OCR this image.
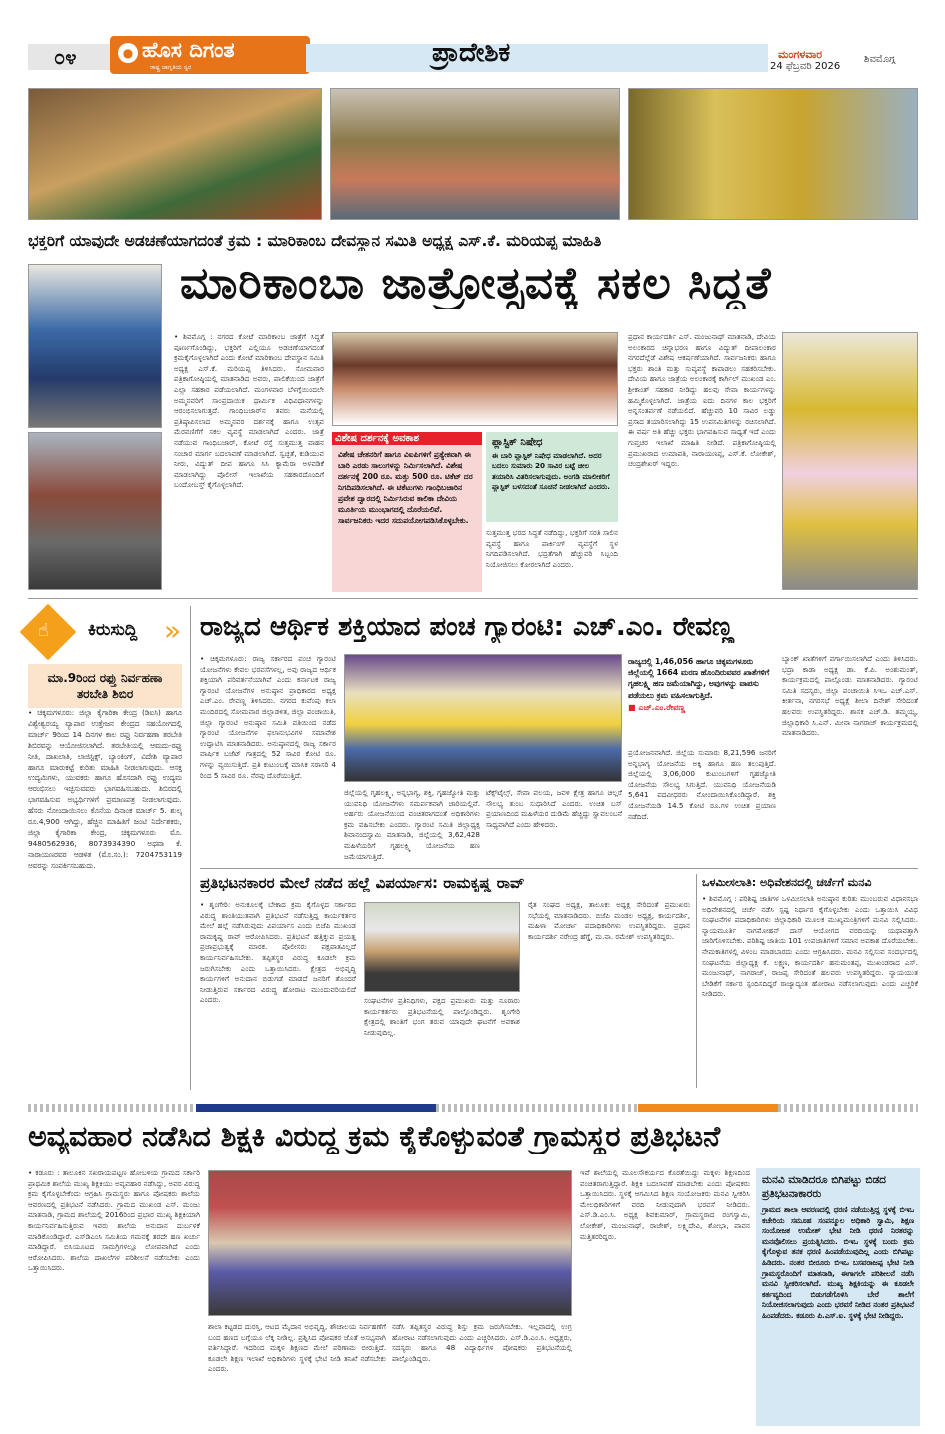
೦೪	● ಹೊಸ ದಿಗಂತ
ರಾಷ್ಟ್ರ ಜಾಗೃತಿಯ ಸ್ವರ	ಪ್ರಾದೇಶಿಕ	ಮಂಗಳವಾರ
24 ಫೆಬ್ರವರಿ 2026
ಶಿವಮೊಗ್ಗ
ಭಕ್ತರಿಗೆ ಯಾವುದೇ ಅಡಚಣೆಯಾಗದಂತೆ ಕ್ರಮ : ಮಾರಿಕಾಂಬ ದೇವಸ್ಥಾನ ಸಮಿತಿ ಅಧ್ಯಕ್ಷ ಎಸ್.ಕೆ. ಮರಿಯಪ್ಪ ಮಾಹಿತಿ
ಮಾರಿಕಾಂಬಾ ಜಾತ್ರೋತ್ಸವಕ್ಕೆ ಸಕಲ ಸಿದ್ಧತೆ
• ಶಿವಮೊಗ್ಗ : ನಗರದ ಕೋಟೆ ಮಾರಿಕಾಂಬ ಜಾತ್ರೆಗೆ ಸಿದ್ಧತೆ ಪೂರ್ಣಗೊಂಡಿದ್ದು, ಭಕ್ತರಿಗೆ ಎಲ್ಲಿಯೂ ಅಡಚಣೆಯಾಗದಂತೆ ಕ್ರಮಕೈಗೊಳ್ಳಲಾಗಿದೆ ಎಂದು ಕೋಟೆ ಮಾರಿಕಾಂಬ ದೇವಸ್ಥಾನ ಸಮಿತಿ ಅಧ್ಯಕ್ಷ ಎಸ್.ಕೆ. ಮರಿಯಪ್ಪ ತಿಳಿಸಿದರು. ಸೋಮವಾರ ಪತ್ರಿಕಾಗೋಷ್ಠಿಯಲ್ಲಿ ಮಾತನಾಡಿದ ಅವರು, ಪಾಲಿಕೆಯಿಂದ ಜಾತ್ರೆಗೆ ಎಲ್ಲಾ ಸಹಕಾರ ಪಡೆಯಲಾಗಿದೆ. ಮಂಗಳವಾರ ಬೆಳಗ್ಗೆಯಿಂದಲೇ ಅಮ್ಮನವರಿಗೆ ಸಾಂಪ್ರದಾಯಿಕ ಧಾರ್ಮಿಕ ವಿಧಿವಿಧಾನಗಳನ್ನು ಆರಂಭಿಸಲಾಗುತ್ತದೆ. ಗಾಂಧಿಬಜಾರ್‌ನ ತವರು ಮನೆಯಲ್ಲಿ ಪ್ರತಿಷ್ಠಾಪಿಸಲಾದ ಅಮ್ಮನವರ ದರ್ಶನಕ್ಕೆ ಹಾಗೂ ಉತ್ಸವ ಮೆರವಣಿಗೆಗೆ ಸಕಲ ವ್ಯವಸ್ಥೆ ಮಾಡಲಾಗಿದೆ ಎಂದರು. ಜಾತ್ರೆ ನಡೆಯುವ ಗಾಂಧಿಬಜಾರ್, ಕೋಟೆ ರಸ್ತೆ ಸುತ್ತಮುತ್ತ ವಾಹನ ಸಂಚಾರ ಮಾರ್ಗ ಬದಲಾವಣೆ ಮಾಡಲಾಗಿದೆ. ಸ್ವಚ್ಛತೆ, ಕುಡಿಯುವ ನೀರು, ವಿದ್ಯುತ್ ದೀಪ ಹಾಗೂ ಸಿಸಿ ಕ್ಯಾಮೆರಾ ಅಳವಡಿಕೆ ಮಾಡಲಾಗಿದ್ದು ಪೊಲೀಸ್ ಇಲಾಖೆಯ ಸಹಕಾರದೊಂದಿಗೆ ಬಂದೋಬಸ್ತ್ ಕೈಗೊಳ್ಳಲಾಗಿದೆ.
ವಿಶೇಷ ದರ್ಶನಕ್ಕೆ ಅವಕಾಶ
ವಿಶೇಷ ಚೇತನರಿಗೆ ಹಾಗೂ ವಿಐಪಿಗಳಿಗೆ ಪ್ರತ್ಯೇಕವಾಗಿ ಈ ಬಾರಿ ಎರಡು ಸಾಲುಗಳನ್ನು ನಿರ್ಮಿಸಲಾಗಿದೆ. ವಿಶೇಷ ದರ್ಶನಕ್ಕೆ 200 ರೂ. ಮತ್ತು 500 ರೂ. ಟಿಕೆಟ್ ದರ ನಿಗದಿಪಡಿಸಲಾಗಿದೆ. ಈ ಟಿಕೆಟುಗಳು ಗಾಂಧಿಬಜಾರಿನ ಪ್ರವೇಶ ದ್ವಾರದಲ್ಲಿ ನಿರ್ಮಿಸಿರುವ ಕಾಲಿಕಾ ದೇವಿಯ ಮೂರ್ತಿಯ ಮುಂಭಾಗದಲ್ಲಿ ದೊರೆಯಲಿವೆ. ಸಾರ್ವಜನಿಕರು ಇದರ ಸದುಪಯೋಗಪಡಿಸಿಕೊಳ್ಳಬೇಕು.
ಪ್ಲಾಸ್ಟಿಕ್ ನಿಷೇಧ
ಈ ಬಾರಿ ಪ್ಲಾಸ್ಟಿಕ್ ನಿಷೇಧ ಮಾಡಲಾಗಿದೆ. ಅದರ ಬದಲು ಸುಮಾರು 20 ಸಾವಿರ ಬಟ್ಟೆ ಚೀಲ ತಯಾರಿಸಿ ವಿತರಿಸಲಾಗುವುದು. ಅಂಗಡಿ ಮಾಲೀಕರಿಗೆ ಪ್ಲಾಸ್ಟಿಕ್ ಬಳಸದಂತೆ ಸೂಚನೆ ನೀಡಲಾಗಿದೆ ಎಂದರು.
ಸುತ್ತಮುತ್ತ ಭರದ ಸಿದ್ಧತೆ ನಡೆದಿದ್ದು, ಭಕ್ತರಿಗೆ ಸರತಿ ಸಾಲಿನ ವ್ಯವಸ್ಥೆ ಹಾಗೂ ಪಾರ್ಕಿಂಗ್ ವ್ಯವಸ್ಥೆಗೆ ಸ್ಥಳ ನಿಗದಿಪಡಿಸಲಾಗಿದೆ. ಭದ್ರತೆಗಾಗಿ ಹೆಚ್ಚುವರಿ ಸಿಬ್ಬಂದಿ ನಿಯೋಜಿಸಲು ಕೋರಲಾಗಿದೆ ಎಂದರು.
ಪ್ರಧಾನ ಕಾರ್ಯದರ್ಶಿ ಎಸ್. ಮಂಜುನಾಥ್ ಮಾತನಾಡಿ, ದೇವಿಯ ಅಲಂಕಾರದ ಚಿನ್ನಾಭರಣ ಹಾಗೂ ವಿದ್ಯುತ್ ದೀಪಾಲಂಕಾರ ನಗರದೆಲ್ಲೆಡೆ ವಿಶೇಷ ಆಕರ್ಷಣೆಯಾಗಿದೆ. ಸಾರ್ವಜನಿಕರು ಹಾಗೂ ಭಕ್ತರು ಶಾಂತಿ ಮತ್ತು ಸುವ್ಯವಸ್ಥೆ ಕಾಪಾಡಲು ಸಹಕರಿಸಬೇಕು. ದೇವಿಯ ಹಾಗೂ ಜಾತ್ರೆಯ ಅಲಂಕಾರಕ್ಕೆ ಕಾರ್ಗಿಲ್ ಮುಖಂಡ ಎಂ. ಶ್ರೀಕಾಂತ್ ಸಹಕಾರ ನೀಡಿದ್ದು ಹಲವು ಸೇವಾ ಕಾರ್ಯಗಳನ್ನು ಹಮ್ಮಿಕೊಳ್ಳಲಾಗಿದೆ. ಜಾತ್ರೆಯ ಐದು ದಿನಗಳ ಕಾಲ ಭಕ್ತರಿಗೆ ಅನ್ನಸಂತರ್ಪಣೆ ನಡೆಯಲಿದೆ. ಹೆಚ್ಚುವರಿ 10 ಸಾವಿರ ಲಡ್ಡು ಪ್ರಸಾದ ತಯಾರಿಸಲಾಗಿದ್ದು 15 ಉಪಸಮಿತಿಗಳನ್ನು ರಚಿಸಲಾಗಿದೆ. ಈ ವರ್ಷ ಅತಿ ಹೆಚ್ಚು ಭಕ್ತರು ಭಾಗವಹಿಸುವ ಸಾಧ್ಯತೆ ಇದೆ ಎಂದು ಗುಪ್ತಚರ ಇಲಾಖೆ ಮಾಹಿತಿ ನೀಡಿದೆ. ಪತ್ರಿಕಾಗೋಷ್ಠಿಯಲ್ಲಿ ಪ್ರಮುಖರಾದ ಉಮಾಪತಿ, ನಾರಾಯಣಪ್ಪ, ಎಸ್.ಕೆ. ಲೋಕೇಶ್, ಚಂದ್ರಶೇಖರ್ ಇದ್ದರು.
☝ ಕಿರುಸುದ್ದಿ »
ಮಾ.9ರಿಂದ ರಫ್ತು ನಿರ್ವಹಣಾ ತರಬೇತಿ ಶಿಬಿರ
• ಚಿಕ್ಕಮಗಳೂರು: ಜಿಲ್ಲಾ ಕೈಗಾರಿಕಾ ಕೇಂದ್ರ (ಡಿಐಸಿ) ಹಾಗೂ ವಿಶ್ವೇಶ್ವರಯ್ಯ ವ್ಯಾಪಾರ ಉತ್ತೇಜನ ಕೇಂದ್ರದ ಸಹಯೋಗದಲ್ಲಿ ಮಾರ್ಚ್ 9ರಿಂದ 14 ದಿನಗಳ ಕಾಲ ರಫ್ತು ನಿರ್ವಹಣಾ ತರಬೇತಿ ಶಿಬಿರವನ್ನು ಆಯೋಜಿಸಲಾಗಿದೆ. ತರಬೇತಿಯಲ್ಲಿ ಆಮದು-ರಫ್ತು ನೀತಿ, ದಾಖಲಾತಿ, ಲಾಜಿಸ್ಟಿಕ್ಸ್, ಬ್ಯಾಂಕಿಂಗ್, ವಿದೇಶಿ ವ್ಯಾಪಾರ ಹಾಗೂ ಮಾರುಕಟ್ಟೆ ಕುರಿತು ಮಾಹಿತಿ ನೀಡಲಾಗುವುದು. ಆಸಕ್ತ ಉದ್ಯಮಿಗಳು, ಯುವಕರು ಹಾಗೂ ಹೊಸದಾಗಿ ರಫ್ತು ಉದ್ಯಮ ಆರಂಭಿಸಲು ಇಚ್ಛಿಸುವವರು ಭಾಗವಹಿಸಬಹುದು. ಶಿಬಿರದಲ್ಲಿ ಭಾಗವಹಿಸುವ ಅಭ್ಯರ್ಥಿಗಳಿಗೆ ಪ್ರಮಾಣಪತ್ರ ನೀಡಲಾಗುವುದು. ಹೆಸರು ನೋಂದಾಯಿಸಲು ಕೊನೆಯ ದಿನಾಂಕ ಮಾರ್ಚ್ 5. ಶುಲ್ಕ ರೂ.4,900 ಆಗಿದ್ದು, ಹೆಚ್ಚಿನ ಮಾಹಿತಿಗೆ ಜಂಟಿ ನಿರ್ದೇಶಕರು, ಜಿಲ್ಲಾ ಕೈಗಾರಿಕಾ ಕೇಂದ್ರ, ಚಿಕ್ಕಮಗಳೂರು ಮೊ. 9480562936, 8073934390 ಅಥವಾ ಕೆ. ನಾರಾಯಣರವರ ಆಡಳಿತ (ಮೊ.ಸಂ.): 7204753119 ಅವರನ್ನು ಸಂಪರ್ಕಿಸಬಹುದು.
ರಾಜ್ಯದ ಆರ್ಥಿಕ ಶಕ್ತಿಯಾದ ಪಂಚ ಗ್ಯಾರಂಟಿ: ಎಚ್.ಎಂ. ರೇವಣ್ಣ
• ಚಿಕ್ಕಮಗಳೂರು: ರಾಜ್ಯ ಸರ್ಕಾರದ ಪಂಚ ಗ್ಯಾರಂಟಿ ಯೋಜನೆಗಳು ಕೇವಲ ಭರವಸೆಗಳಲ್ಲ, ಅವು ರಾಜ್ಯದ ಆರ್ಥಿಕ ಶಕ್ತಿಯಾಗಿ ಪರಿವರ್ತನೆಯಾಗಿವೆ ಎಂದು ಕರ್ನಾಟಕ ರಾಜ್ಯ ಗ್ಯಾರಂಟಿ ಯೋಜನೆಗಳ ಅನುಷ್ಠಾನ ಪ್ರಾಧಿಕಾರದ ಅಧ್ಯಕ್ಷ ಎಚ್.ಎಂ. ರೇವಣ್ಣ ತಿಳಿಸಿದರು. ನಗರದ ಕುವೆಂಪು ಕಲಾ ಮಂದಿರದಲ್ಲಿ ಸೋಮವಾರ ಜಿಲ್ಲಾಡಳಿತ, ಜಿಲ್ಲಾ ಪಂಚಾಯಿತಿ, ಜಿಲ್ಲಾ ಗ್ಯಾರಂಟಿ ಅನುಷ್ಠಾನ ಸಮಿತಿ ವತಿಯಿಂದ ನಡೆದ ಗ್ಯಾರಂಟಿ ಯೋಜನೆಗಳ ಫಲಾನುಭವಿಗಳ ಸಮಾವೇಶ ಉದ್ಘಾಟಿಸಿ ಮಾತನಾಡಿದರು. ಅನುಷ್ಠಾನದಲ್ಲಿ ರಾಜ್ಯ ಸರ್ಕಾರ ವಾರ್ಷಿಕ ಬಜೆಟ್ ಗಾತ್ರದಲ್ಲಿ 52 ಸಾವಿರ ಕೋಟಿ ರೂ. ಗಳನ್ನು ವ್ಯಯಿಸುತ್ತಿದೆ. ಪ್ರತಿ ಕುಟುಂಬಕ್ಕೆ ಮಾಸಿಕ ಸರಾಸರಿ 4 ರಿಂದ 5 ಸಾವಿರ ರೂ. ನೆರವು ದೊರೆಯುತ್ತಿದೆ.
ಜಿಲ್ಲೆಯಲ್ಲಿ ಗೃಹಲಕ್ಷ್ಮಿ, ಅನ್ನಭಾಗ್ಯ, ಶಕ್ತಿ, ಗೃಹಜ್ಯೋತಿ ಮತ್ತು ಯುವನಿಧಿ ಯೋಜನೆಗಳು ಸಮರ್ಪಕವಾಗಿ ಜಾರಿಯಲ್ಲಿವೆ. ಅರ್ಹರು ಯೋಜನೆಯಿಂದ ವಂಚಿತರಾಗದಂತೆ ಅಧಿಕಾರಿಗಳು ಕ್ರಮ ವಹಿಸಬೇಕು ಎಂದರು. ಗ್ಯಾರಂಟಿ ಸಮಿತಿ ಜಿಲ್ಲಾಧ್ಯಕ್ಷ ಶಿವಾನಂದಸ್ವಾಮಿ ಮಾತನಾಡಿ, ಜಿಲ್ಲೆಯಲ್ಲಿ 3,62,428 ಮಹಿಳೆಯರಿಗೆ ಗೃಹಲಕ್ಷ್ಮಿ ಯೋಜನೆಯ ಹಣ ಜಮೆಯಾಗುತ್ತಿದೆ.
ಟೆಕ್ಸ್‌ಟೈಲ್ಸ್, ಸೇವಾ ವಲಯ, ಜವಳಿ ಕ್ಷೇತ್ರ ಹಾಗೂ ಚಿಲ್ಲರೆ ಸೌಲಭ್ಯ ತುಂಬ ಸುಧಾರಿಸಿದೆ ಎಂದರು. ಉಚಿತ ಬಸ್ ಪ್ರಯಾಣದಿಂದ ಮಹಿಳೆಯರ ದುಡಿಮೆ ಹೆಚ್ಚಿದ್ದು ಸ್ವಾವಲಂಬನೆ ಸಾಧ್ಯವಾಗಿದೆ ಎಂದು ಹೇಳಿದರು.
ರಾಜ್ಯದಲ್ಲಿ 1,46,056 ಹಾಗೂ ಚಿಕ್ಕಮಗಳೂರು ಜಿಲ್ಲೆಯಲ್ಲಿ 1664 ಮರಣ ಹೊಂದಿರುವವರ ಖಾತೆಗಳಿಗೆ ಗೃಹಲಕ್ಷ್ಮಿ ಹಣ ಜಮೆಯಾಗಿದ್ದು, ಅವುಗಳನ್ನು ವಾಪಸು ಪಡೆಯಲು ಕ್ರಮ ವಹಿಸಲಾಗುತ್ತಿದೆ.
■ ಎಚ್.ಎಂ.ರೇವಣ್ಣ
ಪ್ರಯೋಜನವಾಗಿದೆ. ಜಿಲ್ಲೆಯ ಸುಮಾರು 8,21,596 ಜನರಿಗೆ ಅನ್ನಭಾಗ್ಯ ಯೋಜನೆಯ ಅಕ್ಕಿ ಹಾಗೂ ಹಣ ತಲುಪುತ್ತಿದೆ. ಜಿಲ್ಲೆಯಲ್ಲಿ 3,06,000 ಕುಟುಂಬಗಳಿಗೆ ಗೃಹಜ್ಯೋತಿ ಯೋಜನೆಯ ಸೌಲಭ್ಯ ಸಿಗುತ್ತಿದೆ. ಯುವನಿಧಿ ಯೋಜನೆಯಡಿ 5,641 ಪದವೀಧರರು ನೋಂದಾಯಿಸಿಕೊಂಡಿದ್ದಾರೆ. ಶಕ್ತಿ ಯೋಜನೆಯಡಿ 14.5 ಕೋಟಿ ರೂ.ಗಳ ಉಚಿತ ಪ್ರಯಾಣ ನಡೆದಿದೆ.
ಬ್ಯಾಂಕ್ ಖಾತೆಗಳಿಗೆ ವರ್ಗಾಯಿಸಲಾಗಿದೆ ಎಂದು ತಿಳಿಸಿದರು. ಭದ್ರಾ ಕಾಡಾ ಅಧ್ಯಕ್ಷ ಡಾ. ಕೆ.ಪಿ. ಅಂಶುಮಂತ್, ಕಾರ್ಯಕ್ರಮದಲ್ಲಿ ಪಾಲ್ಗೊಂಡು ಮಾತನಾಡಿದರು. ಗ್ಯಾರಂಟಿ ಸಮಿತಿ ಸದಸ್ಯರು, ಜಿಲ್ಲಾ ಪಂಚಾಯಿತಿ ಸಿಇಒ ಎಚ್.ಎಸ್. ಕೀರ್ತನಾ, ನಗರಸಭೆ ಅಧ್ಯಕ್ಷೆ ಶೀಲಾ ದಿನೇಶ್ ಸೇರಿದಂತೆ ಹಲವರು ಉಪಸ್ಥಿತರಿದ್ದರು. ಶಾಸಕ ಎಚ್.ಡಿ. ತಮ್ಮಯ್ಯ, ಜಿಲ್ಲಾಧಿಕಾರಿ ಸಿ.ಎನ್. ಮೀನಾ ನಾಗರಾಜ್ ಕಾರ್ಯಕ್ರಮದಲ್ಲಿ ಮಾತನಾಡಿದರು.
ಪ್ರತಿಭಟನಕಾರರ ಮೇಲೆ ನಡೆದ ಹಲ್ಲೆ ವಿಪರ್ಯಾಸ: ರಾಮಕೃಷ್ಣ ರಾವ್
• ಶೃಂಗೇರಿ: ಅನುಕೂಲಕ್ಕೆ ಬೇಕಾದ ಕ್ರಮ ಕೈಗೊಳ್ಳದ ಸರ್ಕಾರದ ವಿರುದ್ಧ ಶಾಂತಿಯುತವಾಗಿ ಪ್ರತಿಭಟನೆ ನಡೆಸುತ್ತಿದ್ದ ಕಾರ್ಯಕರ್ತರ ಮೇಲೆ ಹಲ್ಲೆ ನಡೆಸಿರುವುದು ವಿಪರ್ಯಾಸ ಎಂದು ಬಿಜೆಪಿ ಮುಖಂಡ ರಾಮಕೃಷ್ಣ ರಾವ್ ಆರೋಪಿಸಿದರು. ಪ್ರತಿಭಟನೆ ಹತ್ತಿಕ್ಕುವ ಪ್ರಯತ್ನ ಪ್ರಜಾಪ್ರಭುತ್ವಕ್ಕೆ ಮಾರಕ. ಪೊಲೀಸರು ಪಕ್ಷಪಾತವಿಲ್ಲದೆ ಕಾರ್ಯನಿರ್ವಹಿಸಬೇಕು. ತಪ್ಪಿತಸ್ಥರ ವಿರುದ್ಧ ಕೂಡಲೇ ಕ್ರಮ ಜರುಗಿಸಬೇಕು ಎಂದು ಒತ್ತಾಯಿಸಿದರು. ಕ್ಷೇತ್ರದ ಅಭಿವೃದ್ಧಿ ಕಾರ್ಯಗಳಿಗೆ ಅನುದಾನ ಬಿಡುಗಡೆ ಮಾಡದೆ ಜನರಿಗೆ ತೊಂದರೆ ನೀಡುತ್ತಿರುವ ಸರ್ಕಾರದ ವಿರುದ್ಧ ಹೋರಾಟ ಮುಂದುವರಿಯಲಿದೆ ಎಂದರು.	ಸಂಘಟನೆಗಳ ಪ್ರತಿನಿಧಿಗಳು, ಪಕ್ಷದ ಪ್ರಮುಖರು ಮತ್ತು ನೂರಾರು ಕಾರ್ಯಕರ್ತರು ಪ್ರತಿಭಟನೆಯಲ್ಲಿ ಪಾಲ್ಗೊಂಡಿದ್ದರು. ಶೃಂಗೇರಿ ಕ್ಷೇತ್ರದಲ್ಲಿ ಶಾಂತಿಗೆ ಭಂಗ ತರುವ ಯಾವುದೇ ಘಟನೆಗೆ ಅವಕಾಶ ನೀಡುವುದಿಲ್ಲ.
ರೈತ ಸಂಘದ ಅಧ್ಯಕ್ಷ, ತಾಲೂಕು ಅಧ್ಯಕ್ಷ ಸೇರಿದಂತೆ ಪ್ರಮುಖರು ಸಭೆಯಲ್ಲಿ ಮಾತನಾಡಿದರು. ಬಿಜೆಪಿ ಮಂಡಲ ಅಧ್ಯಕ್ಷ, ಕಾರ್ಯದರ್ಶಿ, ಮಹಿಳಾ ಮೋರ್ಚಾ ಪದಾಧಿಕಾರಿಗಳು ಉಪಸ್ಥಿತರಿದ್ದರು. ಪ್ರಧಾನ ಕಾರ್ಯದರ್ಶಿ ನರೇಂದ್ರ ಹೆಗ್ಡೆ, ಮ.ನಾ. ರಮೇಶ್ ಉಪಸ್ಥಿತರಿದ್ದರು.
ಒಳಮೀಸಲಾತಿ: ಅಧಿವೇಶನದಲ್ಲಿ ಚರ್ಚೆಗೆ ಮನವಿ
• ಶಿವಮೊಗ್ಗ : ಪರಿಶಿಷ್ಟ ಜಾತಿಗಳ ಒಳಮೀಸಲಾತಿ ಅನುಷ್ಠಾನ ಕುರಿತು ಮುಂಬರುವ ವಿಧಾನಸಭಾ ಅಧಿವೇಶನದಲ್ಲಿ ಚರ್ಚೆ ನಡೆಸಿ ಸ್ಪಷ್ಟ ನಿರ್ಧಾರ ಕೈಗೊಳ್ಳಬೇಕು ಎಂದು ಒತ್ತಾಯಿಸಿ ವಿವಿಧ ಸಂಘಟನೆಗಳ ಪದಾಧಿಕಾರಿಗಳು ಜಿಲ್ಲಾಧಿಕಾರಿ ಮೂಲಕ ಮುಖ್ಯಮಂತ್ರಿಗಳಿಗೆ ಮನವಿ ಸಲ್ಲಿಸಿದರು. ನ್ಯಾಯಮೂರ್ತಿ ನಾಗಮೋಹನ್ ದಾಸ್ ಆಯೋಗದ ವರದಿಯನ್ನು ಯಥಾವತ್ತಾಗಿ ಜಾರಿಗೊಳಿಸಬೇಕು. ಪರಿಶಿಷ್ಟ ಜಾತಿಯ 101 ಉಪಜಾತಿಗಳಿಗೆ ಸಮಾನ ಅವಕಾಶ ದೊರೆಯಬೇಕು. ನೇಮಕಾತಿಗಳಲ್ಲಿ ವಿಳಂಬ ಮಾಡಬಾರದು ಎಂದು ಆಗ್ರಹಿಸಿದರು. ಮನವಿ ಸಲ್ಲಿಸುವ ಸಂದರ್ಭದಲ್ಲಿ ಸಂಘಟನೆಯ ಜಿಲ್ಲಾಧ್ಯಕ್ಷ ಕೆ. ಲಕ್ಷ್ಮಣ, ಕಾರ್ಯದರ್ಶಿ ಹನುಮಂತಪ್ಪ, ಮುಖಂಡರಾದ ಎಸ್. ಮಂಜುನಾಥ್, ನಾಗರಾಜ್, ರಾಜಪ್ಪ ಸೇರಿದಂತೆ ಹಲವರು ಉಪಸ್ಥಿತರಿದ್ದರು. ನ್ಯಾಯಯುತ ಬೇಡಿಕೆಗೆ ಸರ್ಕಾರ ಸ್ಪಂದಿಸದಿದ್ದರೆ ರಾಜ್ಯಾದ್ಯಂತ ಹೋರಾಟ ನಡೆಸಲಾಗುವುದು ಎಂದು ಎಚ್ಚರಿಕೆ ನೀಡಿದರು.
ಅವ್ಯವಹಾರ ನಡೆಸಿದ ಶಿಕ್ಷಕಿ ವಿರುದ್ಧ ಕ್ರಮ ಕೈಕೊಳ್ಳುವಂತೆ ಗ್ರಾಮಸ್ಥರ ಪ್ರತಿಭಟನೆ
• ಕಡೂರು : ತಾಲೂಕಿನ ಸಖರಾಯಪಟ್ಟಣ ಹೋಬಳಿಯ ಗ್ರಾಮದ ಸರ್ಕಾರಿ ಪ್ರಾಥಮಿಕ ಶಾಲೆಯ ಮುಖ್ಯ ಶಿಕ್ಷಕಿಯು ಅವ್ಯವಹಾರ ನಡೆಸಿದ್ದು, ಅವರ ವಿರುದ್ಧ ಕ್ರಮ ಕೈಗೊಳ್ಳಬೇಕೆಂದು ಆಗ್ರಹಿಸಿ ಗ್ರಾಮಸ್ಥರು ಹಾಗೂ ಪೋಷಕರು ಶಾಲೆಯ ಆವರಣದಲ್ಲಿ ಪ್ರತಿಭಟನೆ ನಡೆಸಿದರು. ಗ್ರಾಮದ ಮುಖಂಡ ಎಸ್. ಮಂಜು ಮಾತನಾಡಿ, ಗ್ರಾಮದ ಶಾಲೆಯಲ್ಲಿ 2016ರಿಂದ ಪ್ರಭಾರ ಮುಖ್ಯ ಶಿಕ್ಷಕಿಯಾಗಿ ಕಾರ್ಯನಿರ್ವಹಿಸುತ್ತಿರುವ ಇವರು ಶಾಲೆಯ ಅನುದಾನ ದುರ್ಬಳಕೆ ಮಾಡಿಕೊಂಡಿದ್ದಾರೆ. ಎಸ್‌ಡಿಎಂಸಿ ಸಮಿತಿಯ ಗಮನಕ್ಕೆ ತರದೇ ಹಣ ಖರ್ಚು ಮಾಡಿದ್ದಾರೆ. ಬಿಸಿಯೂಟದ ಸಾಮಗ್ರಿಗಳಲ್ಲೂ ಲೋಪವಾಗಿದೆ ಎಂದು ಆರೋಪಿಸಿದರು. ಶಾಲೆಯ ದಾಖಲೆಗಳ ಪರಿಶೀಲನೆ ನಡೆಸಬೇಕು ಎಂದು ಒತ್ತಾಯಿಸಿದರು.
ಶಾಲಾ ಕಟ್ಟಡದ ದುರಸ್ತಿ, ಆಟದ ಮೈದಾನ ಅಭಿವೃದ್ಧಿ, ಶೌಚಾಲಯ ನಿರ್ವಹಣೆಗೆ ಬಂದ ಹಣದ ಬಗ್ಗೆಯೂ ಲೆಕ್ಕ ನೀಡಿಲ್ಲ. ಪ್ರಶ್ನಿಸಿದ ಪೋಷಕರ ಜೊತೆ ಅಸಭ್ಯವಾಗಿ ವರ್ತಿಸಿದ್ದಾರೆ. ಇದರಿಂದ ಮಕ್ಕಳ ಶಿಕ್ಷಣದ ಮೇಲೆ ಪರಿಣಾಮ ಬೀರುತ್ತಿದೆ. ಕೂಡಲೇ ಶಿಕ್ಷಣ ಇಲಾಖೆ ಅಧಿಕಾರಿಗಳು ಸ್ಥಳಕ್ಕೆ ಭೇಟಿ ನೀಡಿ ತನಿಖೆ ನಡೆಸಬೇಕು ಎಂದರು.
ನಡೆಸಿ ತಪ್ಪಿತಸ್ಥರ ವಿರುದ್ಧ ಶಿಸ್ತು ಕ್ರಮ ಜರುಗಿಸಬೇಕು. ಇಲ್ಲವಾದಲ್ಲಿ ಉಗ್ರ ಹೋರಾಟ ನಡೆಸಲಾಗುವುದು ಎಂದು ಎಚ್ಚರಿಸಿದರು. ಎಸ್.ಡಿ.ಎಂ.ಸಿ. ಅಧ್ಯಕ್ಷರು, ಸದಸ್ಯರು ಹಾಗೂ 48 ವಿದ್ಯಾರ್ಥಿಗಳ ಪೋಷಕರು ಪ್ರತಿಭಟನೆಯಲ್ಲಿ ಪಾಲ್ಗೊಂಡಿದ್ದರು.
ಇವೆ ಶಾಲೆಯಲ್ಲಿ ಮೂಲಸೌಕರ್ಯದ ಕೊರತೆಯಿದ್ದು ಮಕ್ಕಳು ಶಿಕ್ಷಣದಿಂದ ವಂಚಿತರಾಗುತ್ತಿದ್ದಾರೆ. ಶಿಕ್ಷಕಿ ಬದಲಾವಣೆ ಮಾಡಬೇಕು ಎಂದು ಪೋಷಕರು ಒತ್ತಾಯಿಸಿದರು. ಸ್ಥಳಕ್ಕೆ ಆಗಮಿಸಿದ ಶಿಕ್ಷಣ ಸಂಯೋಜಕರು ಮನವಿ ಸ್ವೀಕರಿಸಿ ಮೇಲಧಿಕಾರಿಗಳಿಗೆ ವರದಿ ನೀಡುವುದಾಗಿ ಭರವಸೆ ನೀಡಿದರು. ಎಸ್.ಡಿ.ಎಂ.ಸಿ. ಅಧ್ಯಕ್ಷ ಶಿವಕುಮಾರ್, ಗ್ರಾಮಸ್ಥರಾದ ರಂಗಸ್ವಾಮಿ, ಲೋಕೇಶ್, ಮಂಜುನಾಥ್, ರಾಜೇಶ್, ಲಕ್ಷ್ಮಿದೇವಿ, ಶೋಭಾ, ಪಾವನ ಮತ್ತಿತರರಿದ್ದರು.
ಮನವಿ ಮಾಡಿದರೂ ಬಿಗಿಪಟ್ಟು ಬಿಡದ ಪ್ರತಿಭಟನಾಕಾರರು
ಗ್ರಾಮದ ಶಾಲಾ ಆವರಣದಲ್ಲಿ ಧರಣಿ ನಡೆಯುತ್ತಿದ್ದ ಸ್ಥಳಕ್ಕೆ ಬಿಇಒ ಕಚೇರಿಯ ಸಮೂಹ ಸಂಪನ್ಮೂಲ ಅಧಿಕಾರಿ ಸ್ವಾಮಿ, ಶಿಕ್ಷಣ ಸಂಯೋಜಕ ಉಮೇಶ್ ಭೇಟಿ ನೀಡಿ ಧರಣಿ ನಿರತರನ್ನು ಮನವೊಲಿಸಲು ಪ್ರಯತ್ನಿಸಿದರು. ಬಿಇಒ ಸ್ಥಳಕ್ಕೆ ಬಂದು ಕ್ರಮ ಕೈಗೊಳ್ಳುವ ತನಕ ಧರಣಿ ಹಿಂಪಡೆಯುವುದಿಲ್ಲ ಎಂದು ಬಿಗಿಪಟ್ಟು ಹಿಡಿದರು. ನಂತರ ಬೀರೂರು ಬಿಇಒ ಬಸವರಾಜಪ್ಪ ಭೇಟಿ ನೀಡಿ ಗ್ರಾಮಸ್ಥರೊಂದಿಗೆ ಮಾತನಾಡಿ, ಈಗಾಗಲೇ ಪರಿಶೀಲನೆ ನಡೆಸಿ ಮನವಿ ಸ್ವೀಕರಿಸಲಾಗಿದೆ. ಮುಖ್ಯ ಶಿಕ್ಷಕಿಯನ್ನು ಈ ಕೂಡಲೇ ಕರ್ತವ್ಯದಿಂದ ಬಿಡುಗಡೆಗೊಳಿಸಿ ಬೇರೆ ಶಾಲೆಗೆ ನಿಯೋಜಿಸಲಾಗುವುದು ಎಂದು ಭರವಸೆ ನೀಡಿದ ನಂತರ ಪ್ರತಿಭಟನೆ ಹಿಂಪಡೆದರು. ಕಡೂರು ಪಿ.ಎಸ್.ಐ. ಸ್ಥಳಕ್ಕೆ ಭೇಟಿ ನೀಡಿದ್ದರು.
